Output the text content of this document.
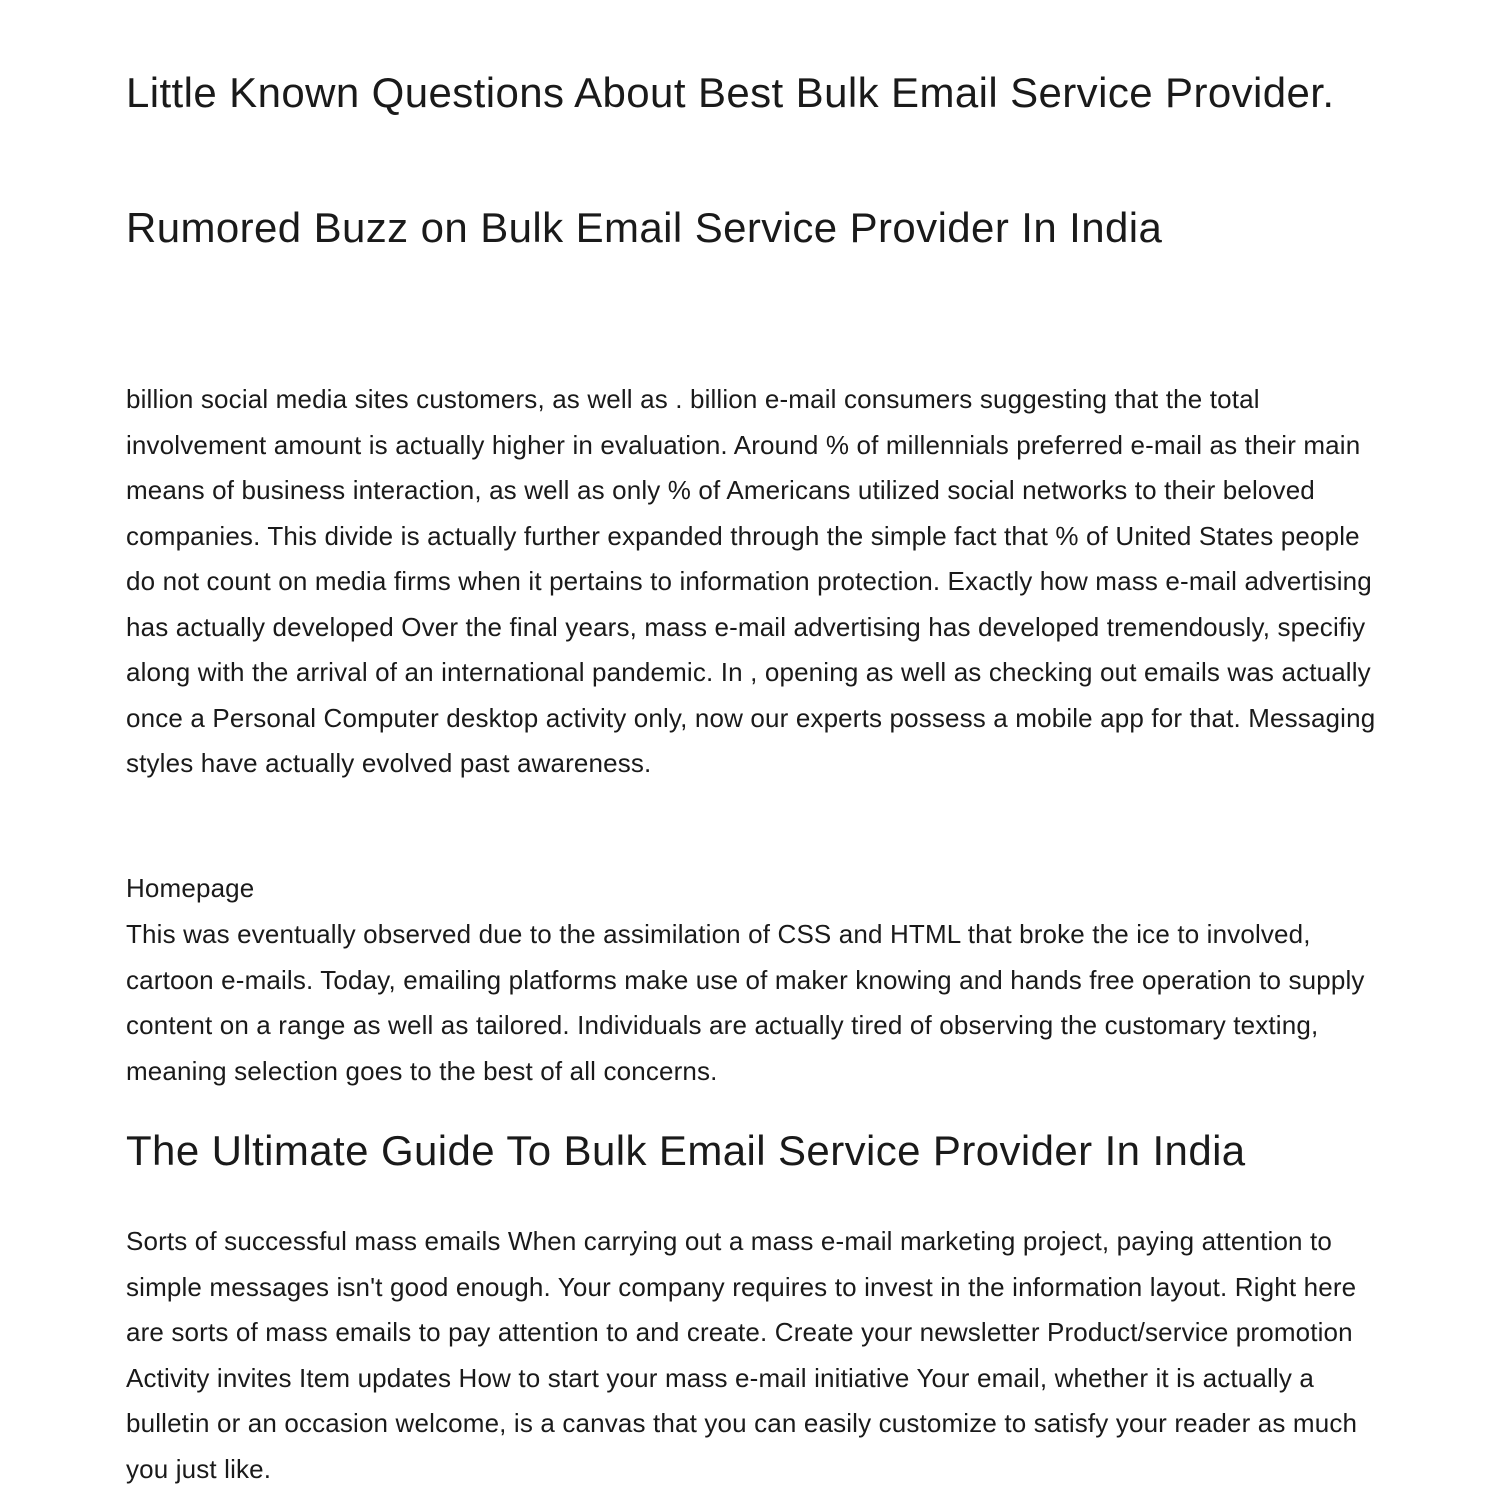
Little Known Questions About Best Bulk Email Service Provider.
Rumored Buzz on Bulk Email Service Provider In India

billion social media sites customers, as well as . billion e-mail consumers suggesting that the total involvement amount is actually higher in evaluation. Around % of millennials preferred e-mail as their main means of business interaction, as well as only % of Americans utilized social networks to their beloved companies. This divide is actually further expanded through the simple fact that % of United States people do not count on media firms when it pertains to information protection. Exactly how mass e-mail advertising has actually developed Over the final years, mass e-mail advertising has developed tremendously, specifiy along with the arrival of an international pandemic. In , opening as well as checking out emails was actually once a Personal Computer desktop activity only, now our experts possess a mobile app for that. Messaging styles have actually evolved past awareness.

Homepage

This was eventually observed due to the assimilation of CSS and HTML that broke the ice to involved, cartoon e-mails. Today, emailing platforms make use of maker knowing and hands free operation to supply content on a range as well as tailored. Individuals are actually tired of observing the customary texting, meaning selection goes to the best of all concerns.

The Ultimate Guide To Bulk Email Service Provider In India

Sorts of successful mass emails When carrying out a mass e-mail marketing project, paying attention to simple messages isn't good enough. Your company requires to invest in the information layout. Right here are sorts of mass emails to pay attention to and create. Create your newsletter Product/service promotion Activity invites Item updates How to start your mass e-mail initiative Your email, whether it is actually a bulletin or an occasion welcome, is a canvas that you can easily customize to satisfy your reader as much you just like.
